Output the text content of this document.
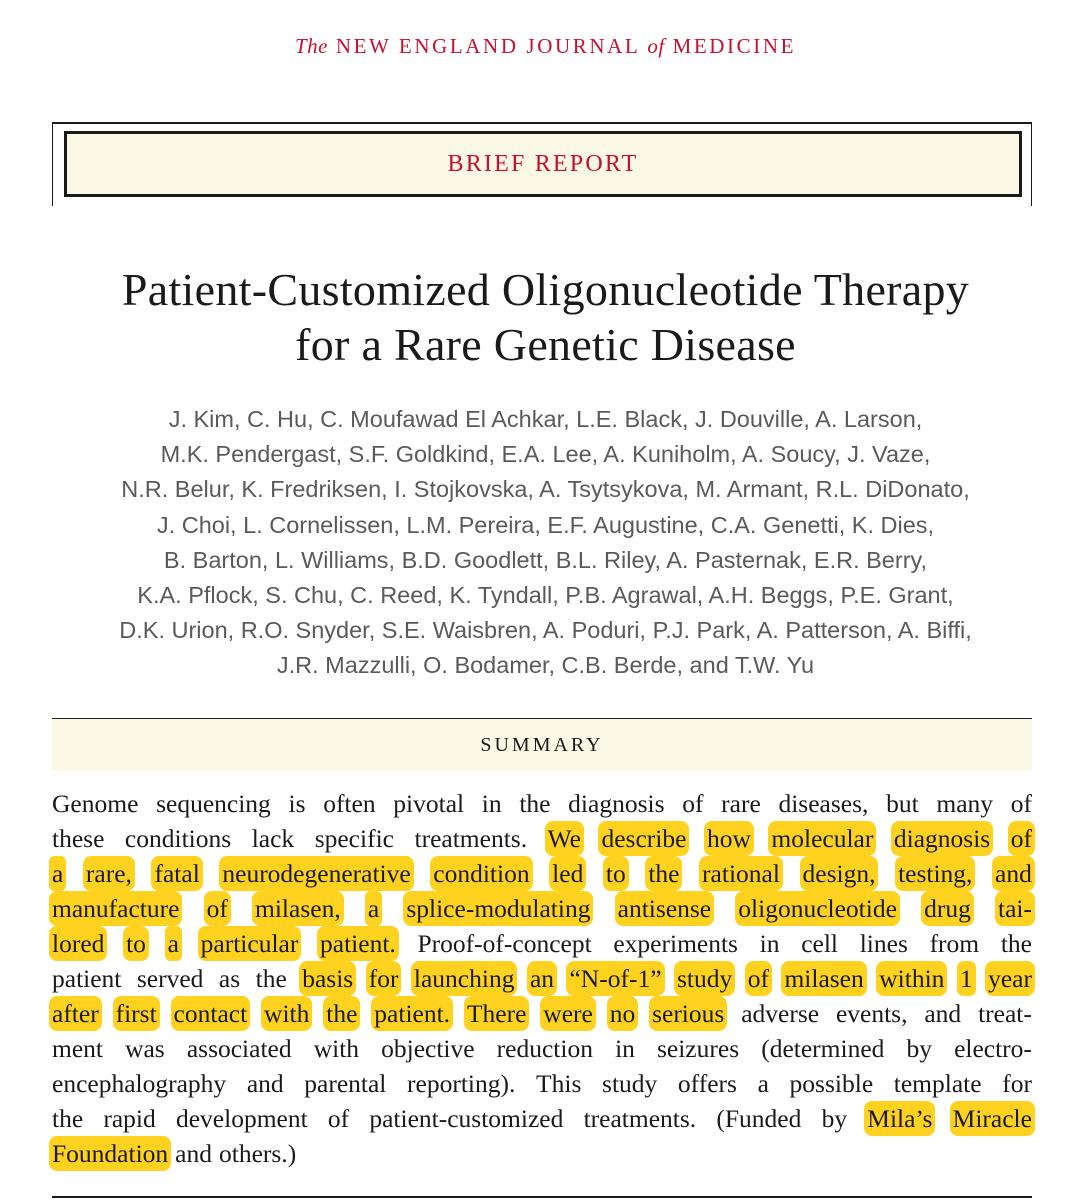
The NEW ENGLAND JOURNAL of MEDICINE
BRIEF REPORT
Patient-Customized Oligonucleotide Therapy
for a Rare Genetic Disease
J. Kim, C. Hu, C. Moufawad El Achkar, L.E. Black, J. Douville, A. Larson,
M.K. Pendergast, S.F. Goldkind, E.A. Lee, A. Kuniholm, A. Soucy, J. Vaze,
N.R. Belur, K. Fredriksen, I. Stojkovska, A. Tsytsykova, M. Armant, R.L. DiDonato,
J. Choi, L. Cornelissen, L.M. Pereira, E.F. Augustine, C.A. Genetti, K. Dies,
B. Barton, L. Williams, B.D. Goodlett, B.L. Riley, A. Pasternak, E.R. Berry,
K.A. Pflock, S. Chu, C. Reed, K. Tyndall, P.B. Agrawal, A.H. Beggs, P.E. Grant,
D.K. Urion, R.O. Snyder, S.E. Waisbren, A. Poduri, P.J. Park, A. Patterson, A. Biffi,
J.R. Mazzulli, O. Bodamer, C.B. Berde, and T.W. Yu
SUMMARY
Genome sequencing is often pivotal in the diagnosis of rare diseases, but many of
these conditions lack specific treatments. We describe how molecular diagnosis of
a rare, fatal neurodegenerative condition led to the rational design, testing, and
manufacture of milasen, a splice-modulating antisense oligonucleotide drug tai-
lored to a particular patient. Proof-of-concept experiments in cell lines from the
patient served as the basis for launching an “N-of-1” study of milasen within 1 year
after first contact with the patient. There were no serious adverse events, and treat-
ment was associated with objective reduction in seizures (determined by electro-
encephalography and parental reporting). This study offers a possible template for
the rapid development of patient-customized treatments. (Funded by Mila’s Miracle
Foundation and others.)
